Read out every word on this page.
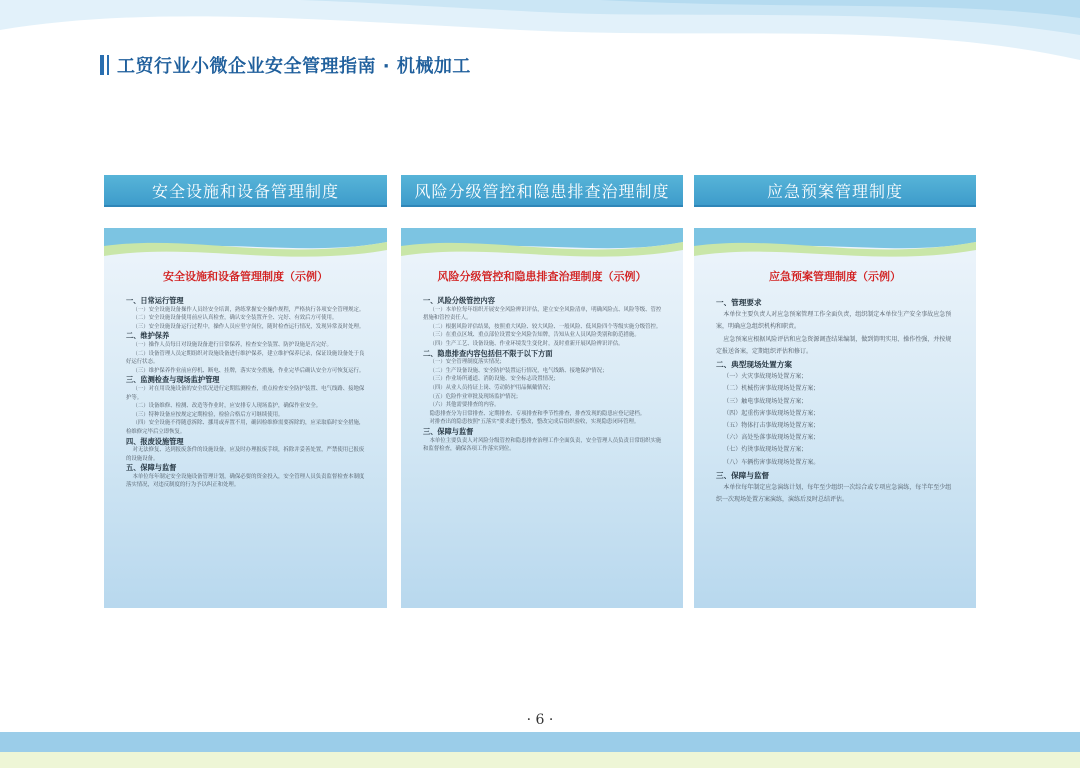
工贸行业小微企业安全管理指南 · 机械加工
安全设施和设备管理制度	风险分级管控和隐患排查治理制度	应急预案管理制度
安全设施和设备管理制度（示例）
一、日常运行管理
（一）安全设施设备操作人员经安全培训，熟练掌握安全操作规程，严格执行各项安全管理规定。
（二）安全设施设备使用前应认真检查，确认安全装置齐全、完好、有效后方可使用。
（三）安全设施设备运行过程中，操作人员应坚守岗位，随时检查运行情况，发现异常及时处理。
二、维护保养
（一）操作人员每日对设施设备进行日常保养，检查安全装置、防护设施是否完好。
（二）设备管理人员定期组织对设施设备进行维护保养，建立维护保养记录，保证设施设备处于良好运行状态。
（三）维护保养作业前应停机、断电、挂牌，落实安全措施，作业完毕后确认安全方可恢复运行。
三、监测检查与现场监护管理
（一）对在用设施设备的安全状况进行定期监测检查，重点检查安全防护装置、电气线路、接地保护等。
（二）设备维修、检测、改造等作业时，应安排专人现场监护，确保作业安全。
（三）特种设备应按规定定期检验，检验合格后方可继续使用。
（四）安全设施不得随意拆除、挪用或弃置不用，确因检维修需要拆除的，应采取临时安全措施，检维修完毕后立即恢复。
四、报废设施管理
对无法修复、达到报废条件的设施设备，应及时办理报废手续，拆除并妥善处置，严禁使用已报废的设施设备。
五、保障与监督
本单位每年制定安全设施设备管理计划，确保必要的资金投入，安全管理人员负责监督检查本制度落实情况，对违反制度的行为予以纠正和处理。
风险分级管控和隐患排查治理制度（示例）
一、风险分级管控内容
（一）本单位每年组织开展安全风险辨识评估，建立安全风险清单，明确风险点、风险等级、管控措施和管控责任人。
（二）根据风险评估结果，按照重大风险、较大风险、一般风险、低风险四个等级实施分级管控。
（三）在重点区域、重点部位设置安全风险告知牌，告知从业人员风险类别和防范措施。
（四）生产工艺、设备设施、作业环境发生变化时，及时重新开展风险辨识评估。
二、隐患排查内容包括但不限于以下方面
（一）安全管理制度落实情况；
（二）生产设备设施、安全防护装置运行情况，电气线路、接地保护情况；
（三）作业场所通道、消防设施、安全标志设置情况；
（四）从业人员持证上岗、劳动防护用品佩戴情况；
（五）危险作业审批及现场监护情况；
（六）其他需要排查的内容。
隐患排查分为日常排查、定期排查、专项排查和季节性排查，排查发现的隐患应登记建档。
对排查出的隐患按照"五落实"要求进行整改，整改完成后组织验收，实现隐患闭环管理。
三、保障与监督
本单位主要负责人对风险分级管控和隐患排查治理工作全面负责，安全管理人员负责日常组织实施和监督检查，确保各项工作落实到位。
应急预案管理制度（示例）
一、管理要求
本单位主要负责人对应急预案管理工作全面负责，组织制定本单位生产安全事故应急预案，明确应急组织机构和职责。
应急预案应根据风险评估和应急资源调查结果编制，做到简明实用、操作性强，并按规定报送备案，定期组织评估和修订。
二、典型现场处置方案
（一）火灾事故现场处置方案；
（二）机械伤害事故现场处置方案；
（三）触电事故现场处置方案；
（四）起重伤害事故现场处置方案；
（五）物体打击事故现场处置方案；
（六）高处坠落事故现场处置方案；
（七）灼烫事故现场处置方案；
（八）车辆伤害事故现场处置方案。
三、保障与监督
本单位每年制定应急演练计划，每年至少组织一次综合或专项应急演练，每半年至少组织一次现场处置方案演练，演练后及时总结评估。
· 6 ·
